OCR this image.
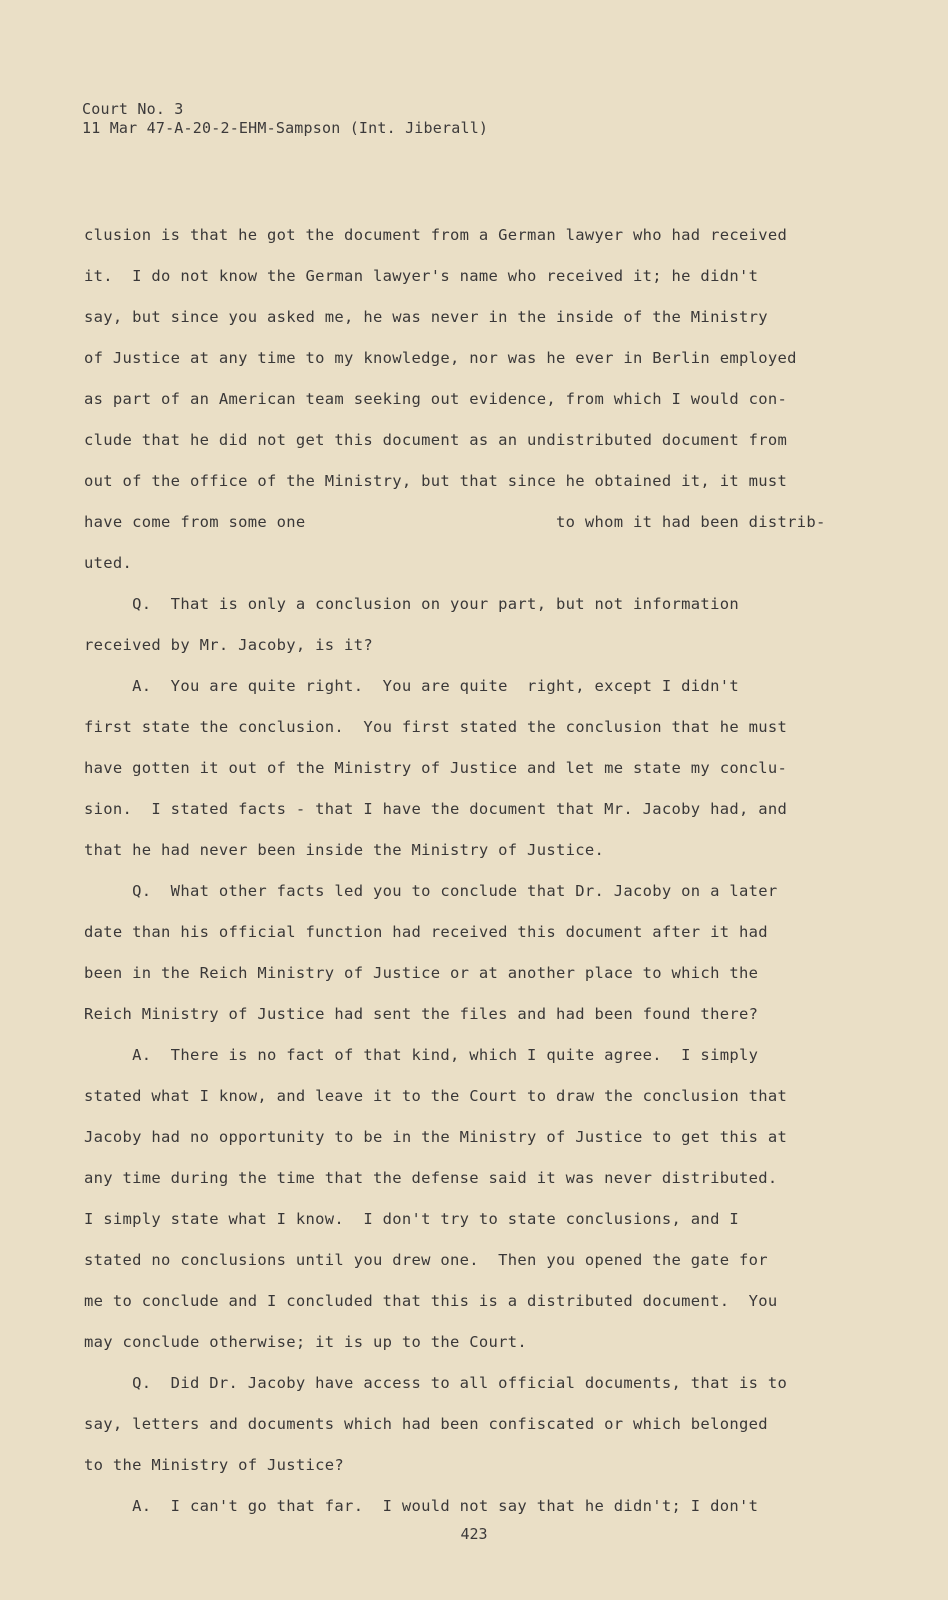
Court No. 3
11 Mar 47-A-20-2-EHM-Sampson (Int. Jiberall)
clusion is that he got the document from a German lawyer who had received
it.  I do not know the German lawyer's name who received it; he didn't
say, but since you asked me, he was never in the inside of the Ministry
of Justice at any time to my knowledge, nor was he ever in Berlin employed
as part of an American team seeking out evidence, from which I would con-
clude that he did not get this document as an undistributed document from
out of the office of the Ministry, but that since he obtained it, it must
have come from some one                          to whom it had been distrib-
uted.
Q.  That is only a conclusion on your part, but not information
received by Mr. Jacoby, is it?
A.  You are quite right.  You are quite  right, except I didn't
first state the conclusion.  You first stated the conclusion that he must
have gotten it out of the Ministry of Justice and let me state my conclu-
sion.  I stated facts - that I have the document that Mr. Jacoby had, and
that he had never been inside the Ministry of Justice.
Q.  What other facts led you to conclude that Dr. Jacoby on a later
date than his official function had received this document after it had
been in the Reich Ministry of Justice or at another place to which the
Reich Ministry of Justice had sent the files and had been found there?
A.  There is no fact of that kind, which I quite agree.  I simply
stated what I know, and leave it to the Court to draw the conclusion that
Jacoby had no opportunity to be in the Ministry of Justice to get this at
any time during the time that the defense said it was never distributed.
I simply state what I know.  I don't try to state conclusions, and I
stated no conclusions until you drew one.  Then you opened the gate for
me to conclude and I concluded that this is a distributed document.  You
may conclude otherwise; it is up to the Court.
Q.  Did Dr. Jacoby have access to all official documents, that is to
say, letters and documents which had been confiscated or which belonged
to the Ministry of Justice?
A.  I can't go that far.  I would not say that he didn't; I don't
423
